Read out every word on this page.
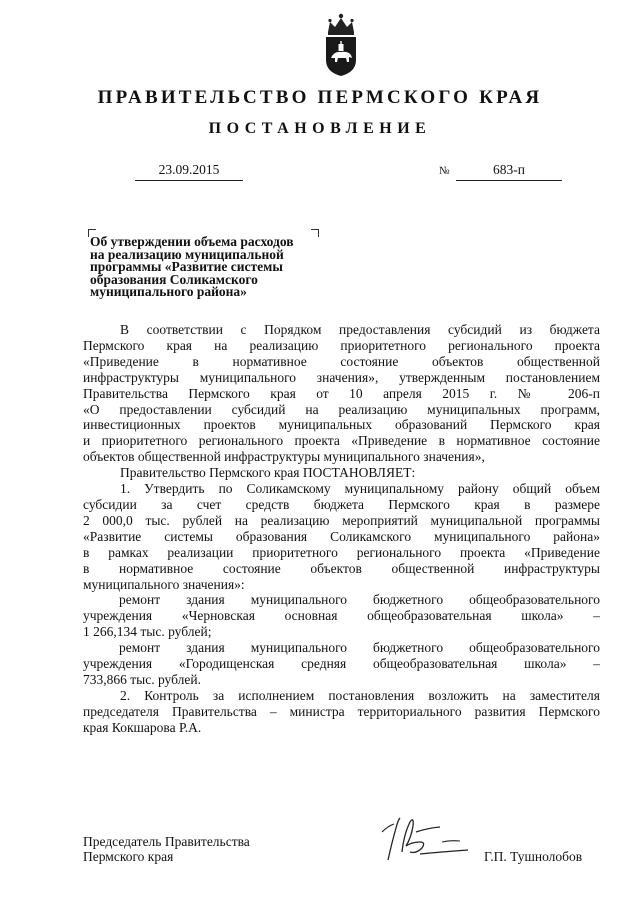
ПРАВИТЕЛЬСТВО ПЕРМСКОГО КРАЯ
ПОСТАНОВЛЕНИЕ
23.09.2015	№	683-п
Об утверждении объема расходов
на реализацию муниципальной
программы «Развитие системы
образования Соликамского
муниципального района»

В соответствии с Порядком предоставления субсидий из бюджета

Пермского края на реализацию приоритетного регионального проекта

«Приведение в нормативное состояние объектов общественной

инфраструктуры муниципального значения», утвержденным постановлением

Правительства Пермского края от 10 апреля 2015 г. № 206-п

«О предоставлении субсидий на реализацию муниципальных программ,

инвестиционных проектов муниципальных образований Пермского края

и приоритетного регионального проекта «Приведение в нормативное состояние

объектов общественной инфраструктуры муниципального значения»,

Правительство Пермского края ПОСТАНОВЛЯЕТ:

1. Утвердить по Соликамскому муниципальному району общий объем

субсидии за счет средств бюджета Пермского края в размере

2 000,0 тыс. рублей на реализацию мероприятий муниципальной программы

«Развитие системы образования Соликамского муниципального района»

в рамках реализации приоритетного регионального проекта «Приведение

в нормативное состояние объектов общественной инфраструктуры

муниципального значения»:

ремонт здания муниципального бюджетного общеобразовательного

учреждения «Черновская основная общеобразовательная школа» –

1 266,134 тыс. рублей;

ремонт здания муниципального бюджетного общеобразовательного

учреждения «Городищенская средняя общеобразовательная школа» –

733,866 тыс. рублей.

2. Контроль за исполнением постановления возложить на заместителя

председателя Правительства – министра территориального развития Пермского

края Кокшарова Р.А.

Председатель Правительства
Пермского края	Г.П. Тушнолобов
